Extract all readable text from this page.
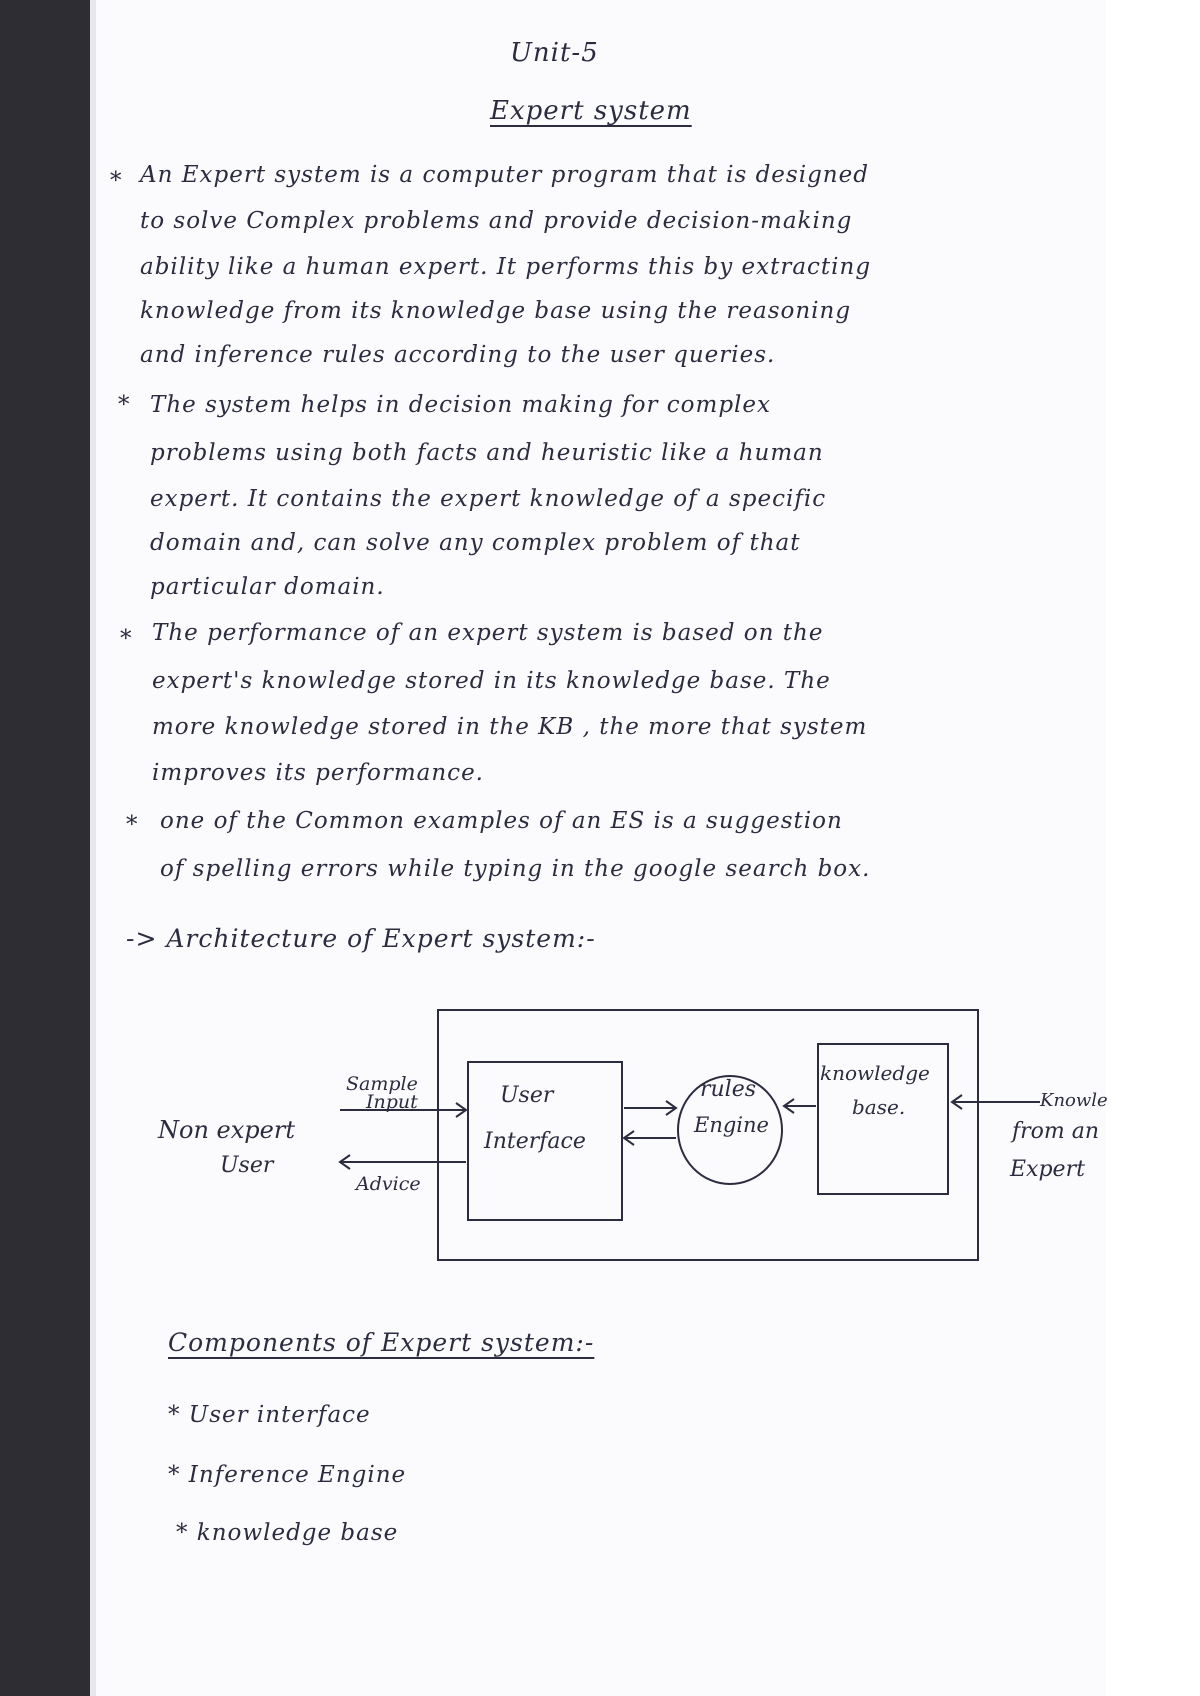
Unit-5
Expert system
* An Expert system is a computer program that is designed
to solve Complex problems and provide decision-making
ability like a human expert. It performs this by extracting
knowledge from its knowledge base using the reasoning
and inference rules according to the user queries.
* The system helps in decision making for complex
problems using both facts and heuristic like a human
expert. It contains the expert knowledge of a specific
domain and, can solve any complex problem of that
particular domain.
* The performance of an expert system is based on the
expert's knowledge stored in its knowledge base. The
more knowledge stored in the KB , the more that system
improves its performance.
* one of the Common examples of an ES is a suggestion
of spelling errors while typing in the google search box.
-> Architecture of Expert system:-
Non expert
User
Sample
Input
Advice
User
Interface
rules
Engine
knowledge
base.	Knowle
from an
Expert
Components of Expert system:-
* User interface
* Inference Engine
* knowledge base
